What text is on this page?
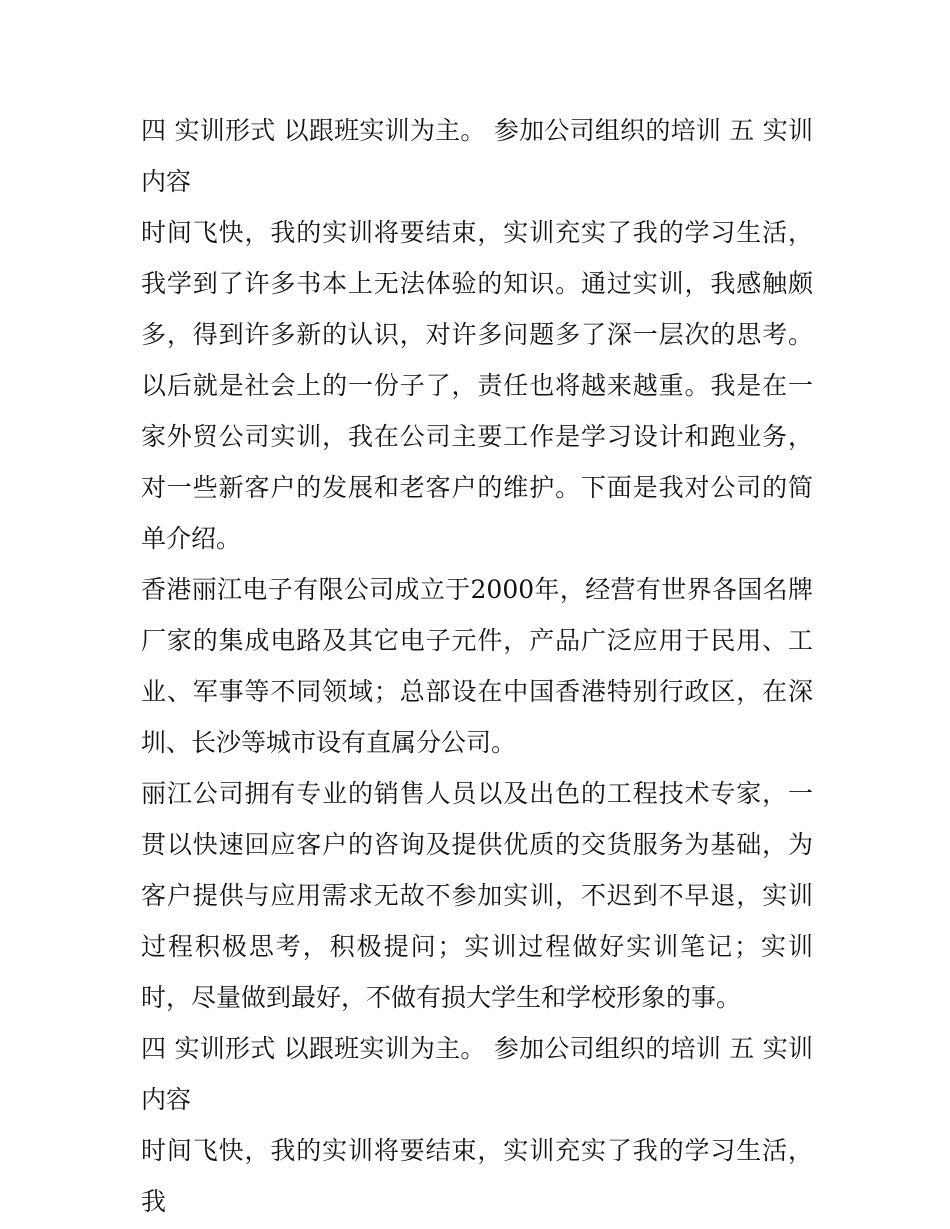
四 实训形式 以跟班实训为主。 参加公司组织的培训 五 实训内容

时间飞快，我的实训将要结束，实训充实了我的学习生活，我学到了许多书本上无法体验的知识。通过实训，我感触颇多，得到许多新的认识，对许多问题多了深一层次的思考。以后就是社会上的一份子了，责任也将越来越重。我是在一家外贸公司实训，我在公司主要工作是学习设计和跑业务，对一些新客户的发展和老客户的维护。下面是我对公司的简单介绍。

香港丽江电子有限公司成立于2000年，经营有世界各国名牌厂家的集成电路及其它电子元件，产品广泛应用于民用、工业、军事等不同领域；总部设在中国香港特别行政区，在深圳、长沙等城市设有直属分公司。

丽江公司拥有专业的销售人员以及出色的工程技术专家，一贯以快速回应客户的咨询及提供优质的交货服务为基础，为客户提供与应用需求无故不参加实训，不迟到不早退，实训过程积极思考，积极提问；实训过程做好实训笔记；实训时，尽量做到最好，不做有损大学生和学校形象的事。

四 实训形式 以跟班实训为主。 参加公司组织的培训 五 实训内容

时间飞快，我的实训将要结束，实训充实了我的学习生活，我
